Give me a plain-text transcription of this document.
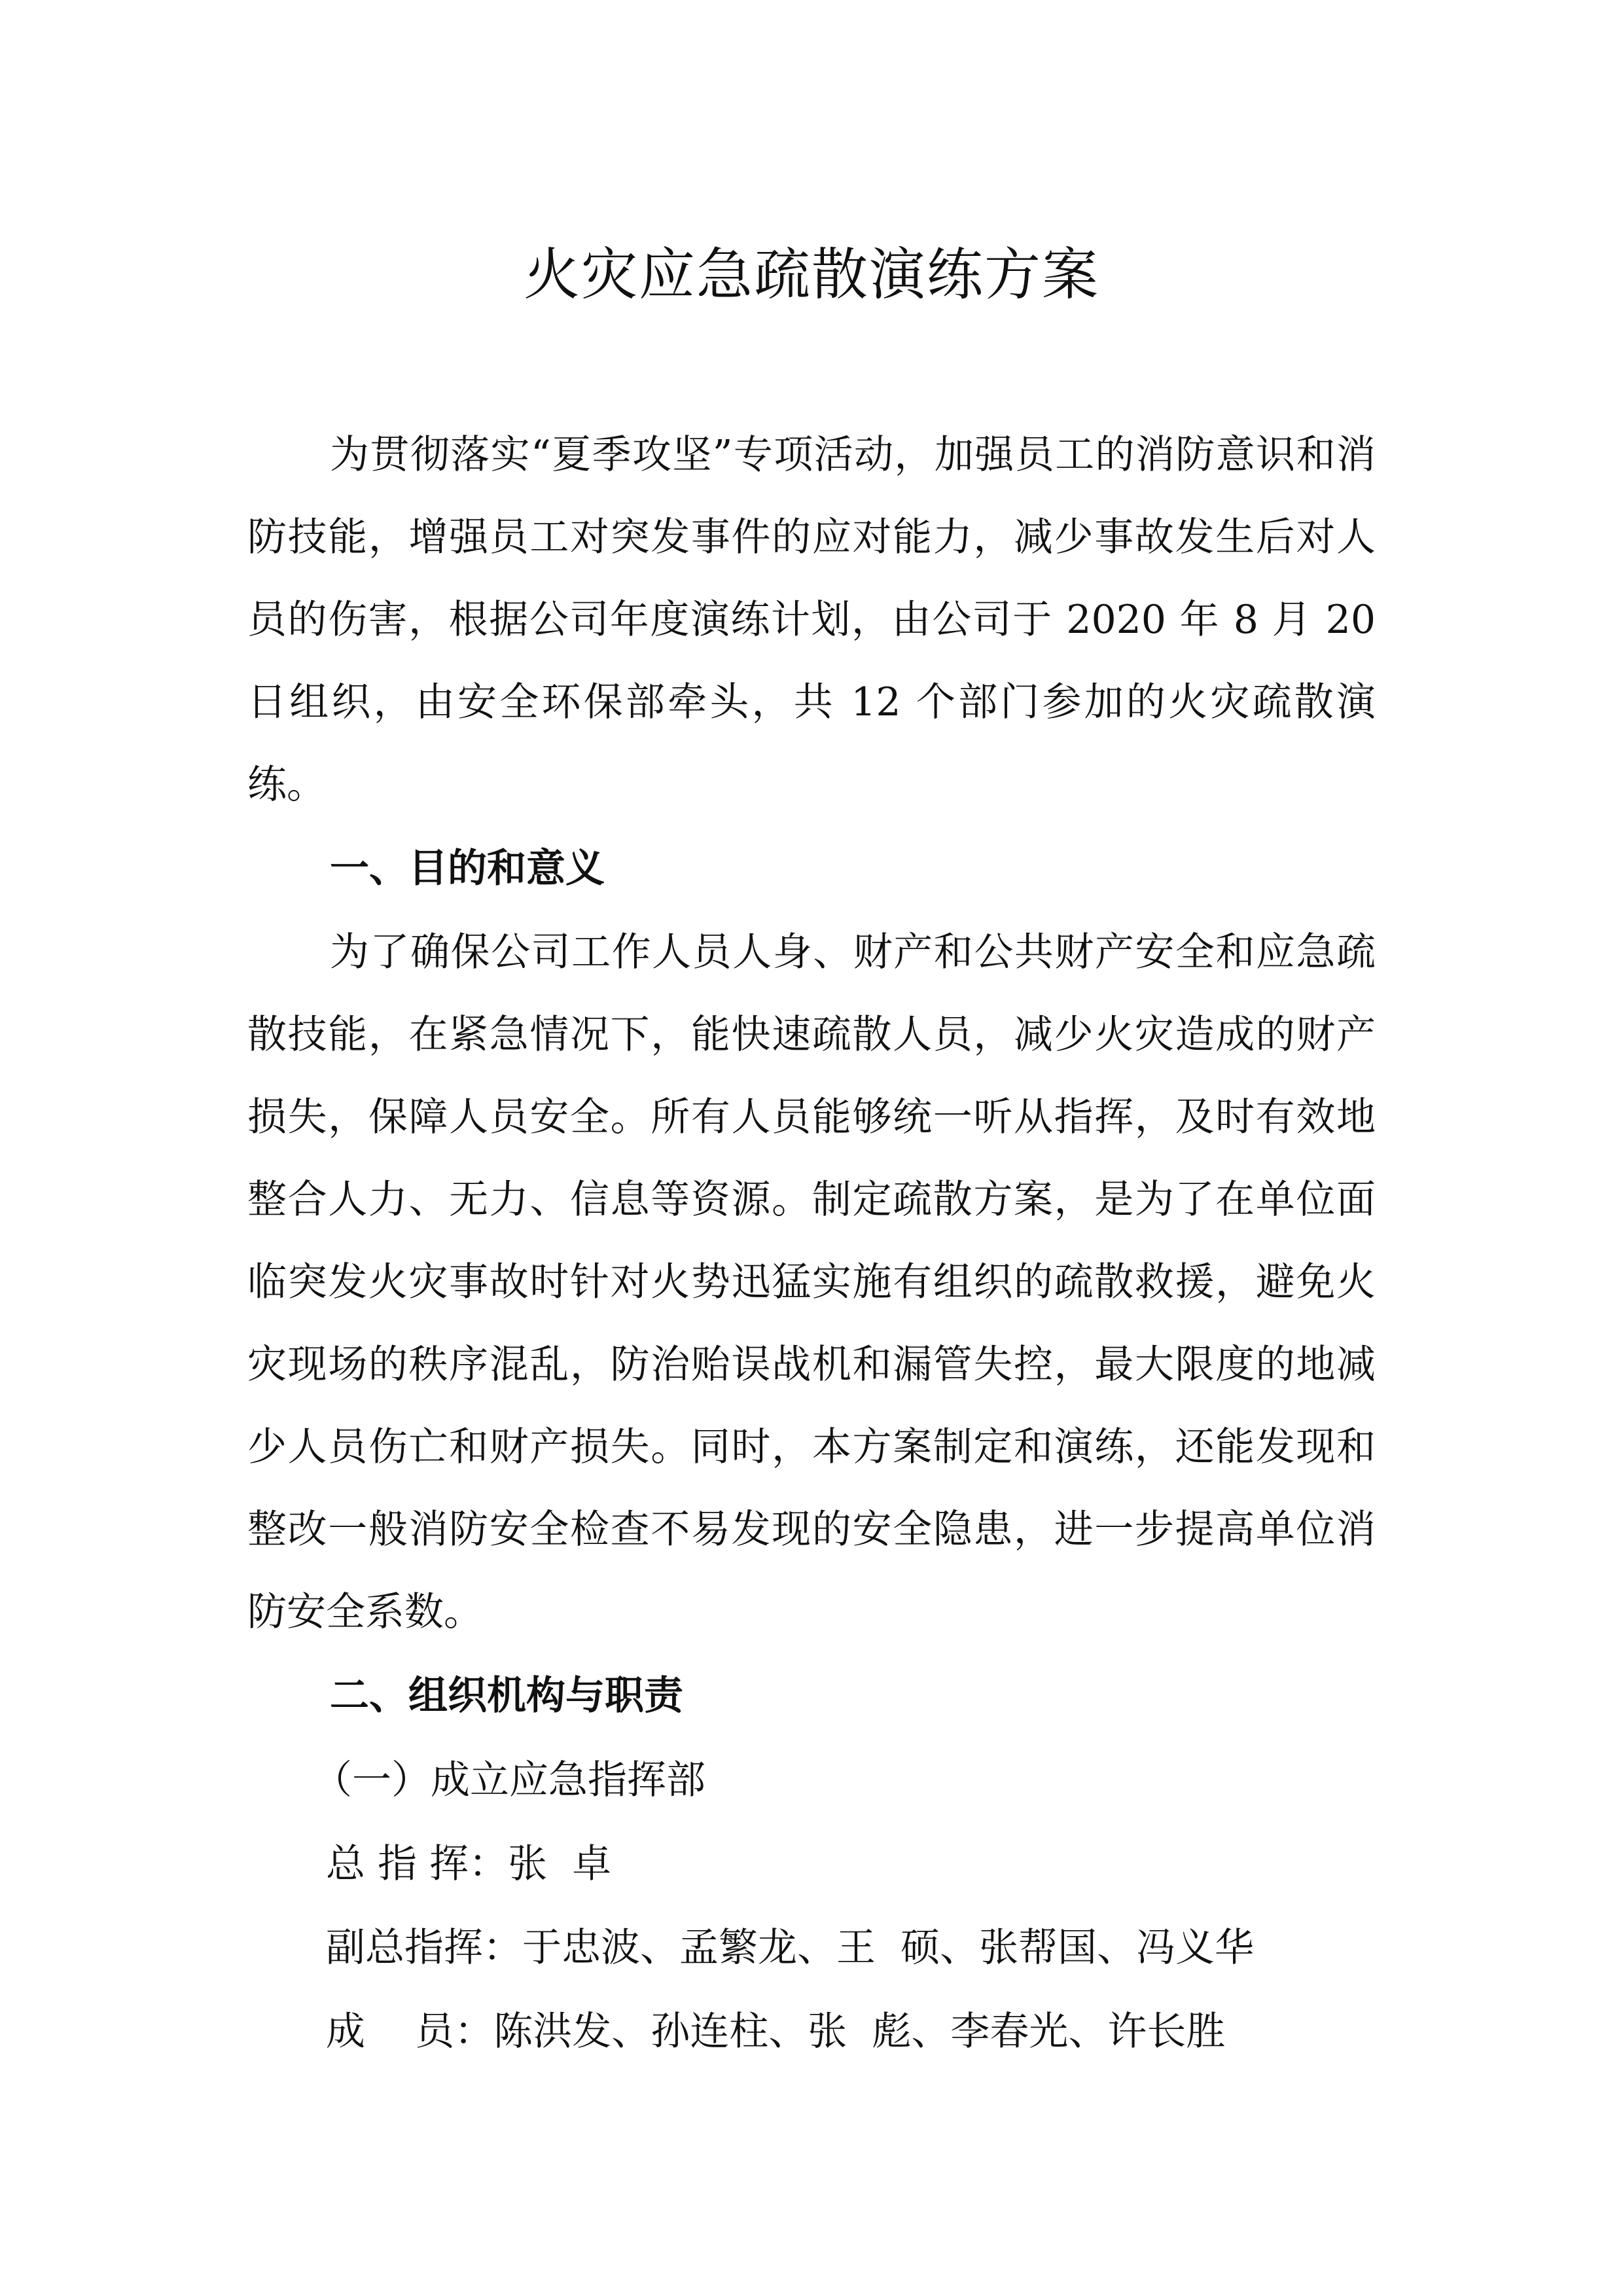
火灾应急疏散演练方案

为贯彻落实“夏季攻坚”专项活动，加强员工的消防意识和消防技能，增强员工对突发事件的应对能力，减少事故发生后对人员的伤害，根据公司年度演练计划，由公司于 2020 年 8 月 20 日组织，由安全环保部牵头，共 12 个部门参加的火灾疏散演练。

一、目的和意义

为了确保公司工作人员人身、财产和公共财产安全和应急疏散技能，在紧急情况下，能快速疏散人员，减少火灾造成的财产损失，保障人员安全。所有人员能够统一听从指挥，及时有效地整合人力、无力、信息等资源。制定疏散方案，是为了在单位面临突发火灾事故时针对火势迅猛实施有组织的疏散救援，避免火灾现场的秩序混乱，防治贻误战机和漏管失控，最大限度的地减少人员伤亡和财产损失。同时，本方案制定和演练，还能发现和整改一般消防安全检查不易发现的安全隐患，进一步提高单位消防安全系数。

二、组织机构与职责

（一）成立应急指挥部

总 指 挥：张  卓

副总指挥：于忠波、孟繁龙、王  硕、张帮国、冯义华

成    员：陈洪发、孙连柱、张  彪、李春光、许长胜
